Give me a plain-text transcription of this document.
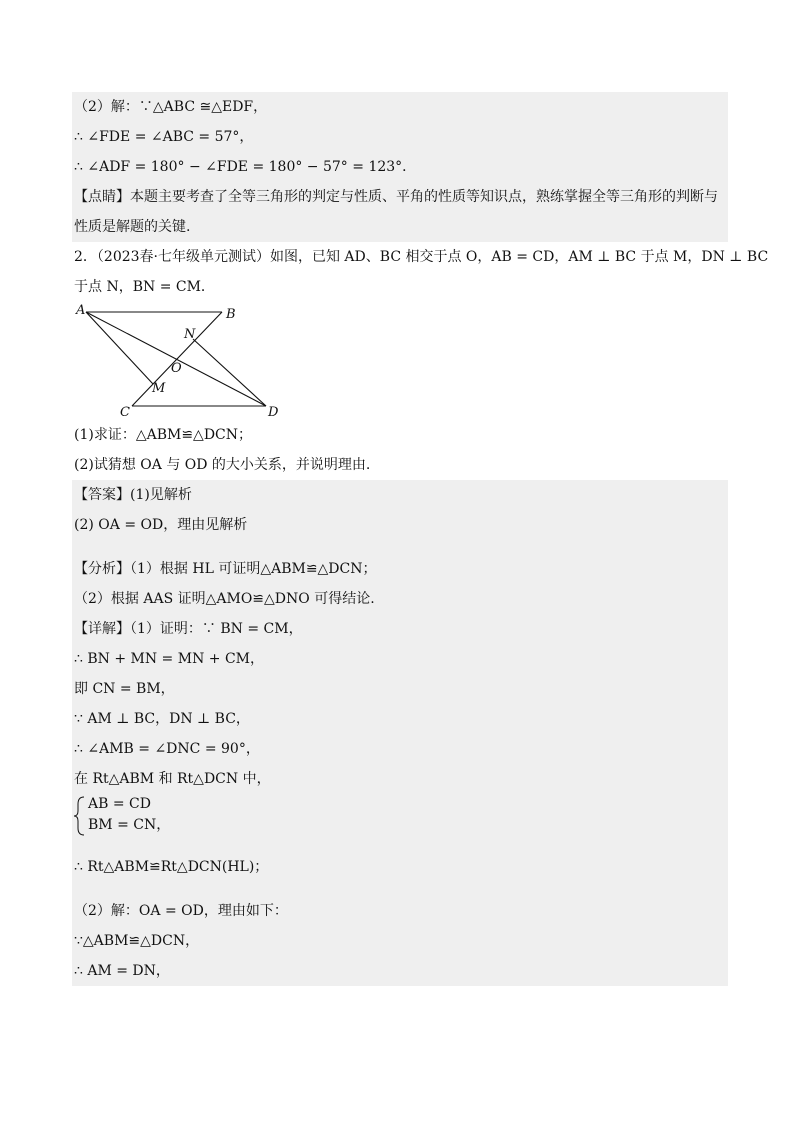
（2）解：∵△ABC ≅△EDF，
∴ ∠FDE = ∠ABC = 57°，
∴ ∠ADF = 180° − ∠FDE = 180° − 57° = 123°．
【点睛】本题主要考查了全等三角形的判定与性质、平角的性质等知识点，熟练掌握全等三角形的判断与
性质是解题的关键.
2．（2023春·七年级单元测试）如图，已知 AD、BC 相交于点 O，AB = CD，AM ⊥ BC 于点 M，DN ⊥ BC
于点 N，BN = CM．
A	B
C	D
N
O
M
(1)求证：△ABM≌△DCN；
(2)试猜想 OA 与 OD 的大小关系，并说明理由.
【答案】(1)见解析
(2) OA = OD，理由见解析
【分析】（1）根据 HL 可证明△ABM≌△DCN；
（2）根据 AAS 证明△AMO≌△DNO 可得结论.
【详解】（1）证明：∵ BN = CM，
∴ BN + MN = MN + CM，
即 CN = BM，
∵ AM ⊥ BC，DN ⊥ BC，
∴ ∠AMB = ∠DNC = 90°，
在 Rt△ABM 和 Rt△DCN 中，
AB = CD
BM = CN，
∴ Rt△ABM≌Rt△DCN(HL)；
（2）解：OA = OD，理由如下：
∵△ABM≌△DCN，
∴ AM = DN，
